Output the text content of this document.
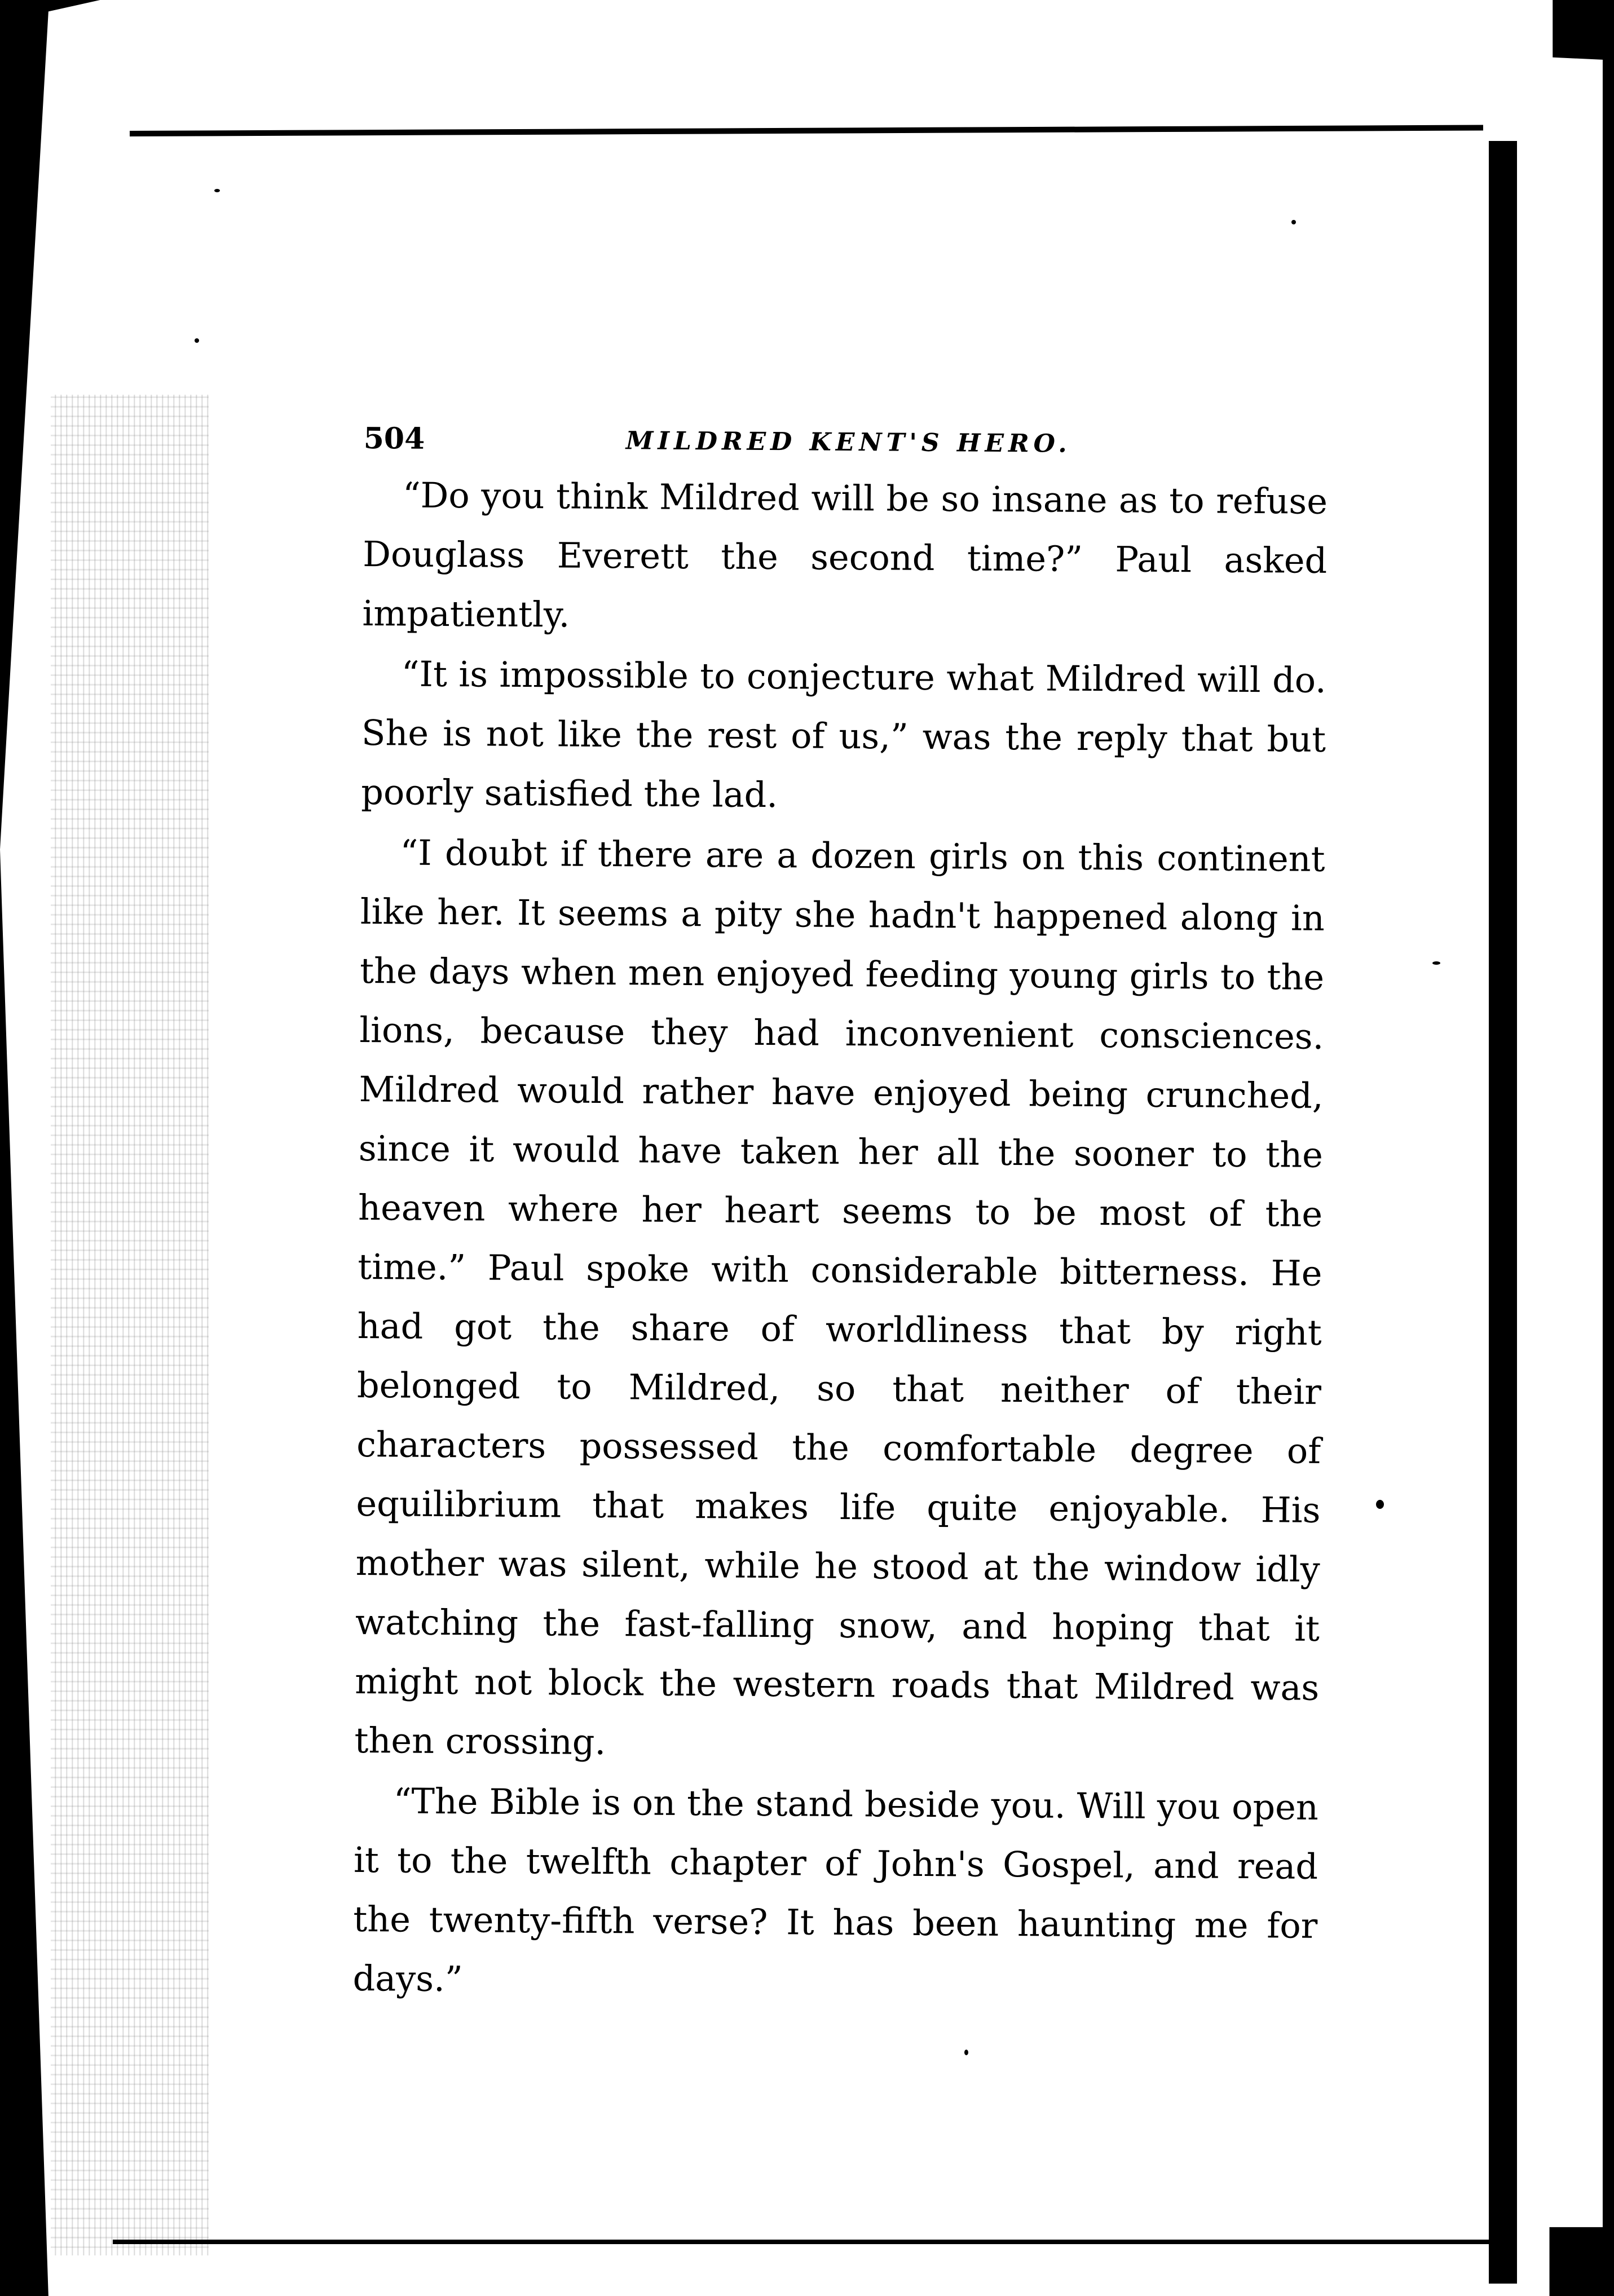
504	MILDRED KENT'S HERO.

“Do you think Mildred will be so insane as to refuse Douglass Everett the second time?” Paul asked impatiently.

“It is impossible to conjecture what Mildred will do. She is not like the rest of us,” was the reply that but poorly satisfied the lad.

“I doubt if there are a dozen girls on this continent like her. It seems a pity she hadn't happened along in the days when men enjoyed feeding young girls to the lions, because they had inconvenient consciences. Mildred would rather have enjoyed being crunched, since it would have taken her all the sooner to the heaven where her heart seems to be most of the time.” Paul spoke with considerable bitterness. He had got the share of worldliness that by right belonged to Mildred, so that neither of their characters possessed the comfortable degree of equilibrium that makes life quite enjoyable. His mother was silent, while he stood at the window idly watching the fast-falling snow, and hoping that it might not block the western roads that Mildred was then crossing.

“The Bible is on the stand beside you. Will you open it to the twelfth chapter of John's Gospel, and read the twenty-fifth verse? It has been haunting me for days.”
